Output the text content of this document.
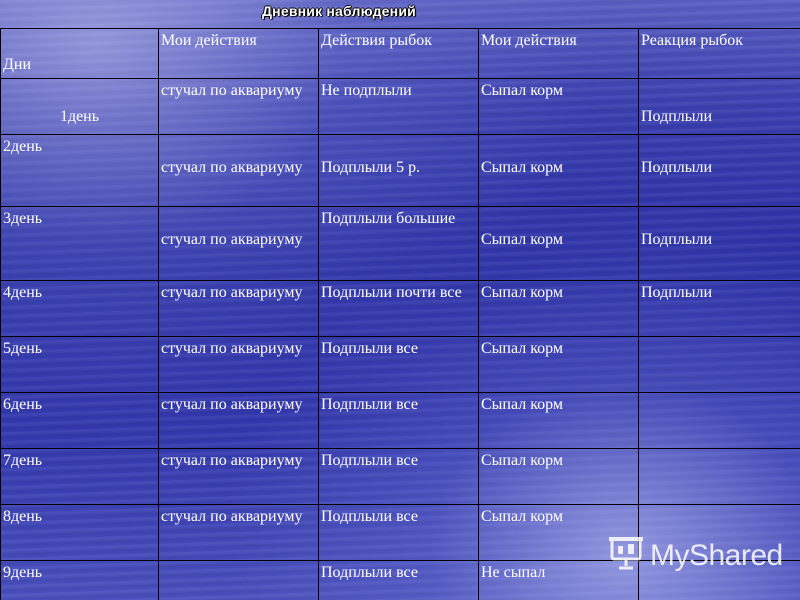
Дневник наблюдений
Дни	Мои действия	Действия рыбок	Мои действия	Реакция рыбок
1день	стучал по аквариуму	Не подплыли	Сыпал корм	Подплыли
2день	стучал по аквариуму	Подплыли 5 р.	Сыпал корм	Подплыли
3день	стучал по аквариуму	Подплыли большие	Сыпал корм	Подплыли
4день	стучал по аквариуму	Подплыли почти все	Сыпал корм	Подплыли
5день	стучал по аквариуму	Подплыли все	Сыпал корм	
6день	стучал по аквариуму	Подплыли все	Сыпал корм	
7день	стучал по аквариуму	Подплыли все	Сыпал корм	
8день	стучал по аквариуму	Подплыли все	Сыпал корм	
9день		Подплыли все	Не сыпал	
MyShared
